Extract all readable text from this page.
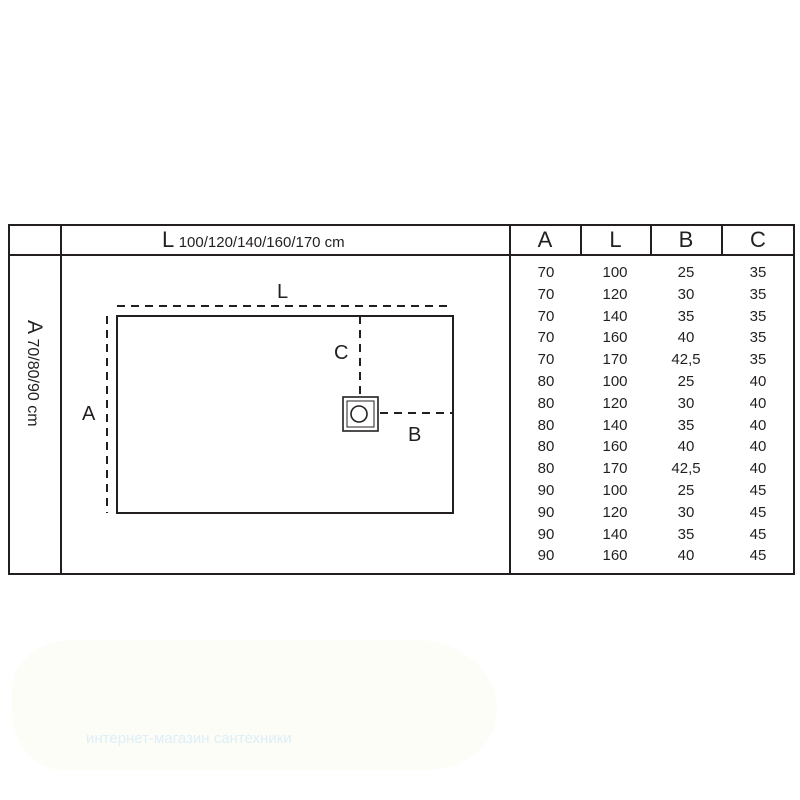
L 100/120/140/160/170 cm	A	L	B	C
A 70/80/90 cm
L
A
C
B
70	100	25	35
70	120	30	35
70	140	35	35
70	160	40	35
70	170	42,5	35
80	100	25	40
80	120	30	40
80	140	35	40
80	160	40	40
80	170	42,5	40
90	100	25	45
90	120	30	45
90	140	35	45
90	160	40	45
интернет-магазин сантехники
